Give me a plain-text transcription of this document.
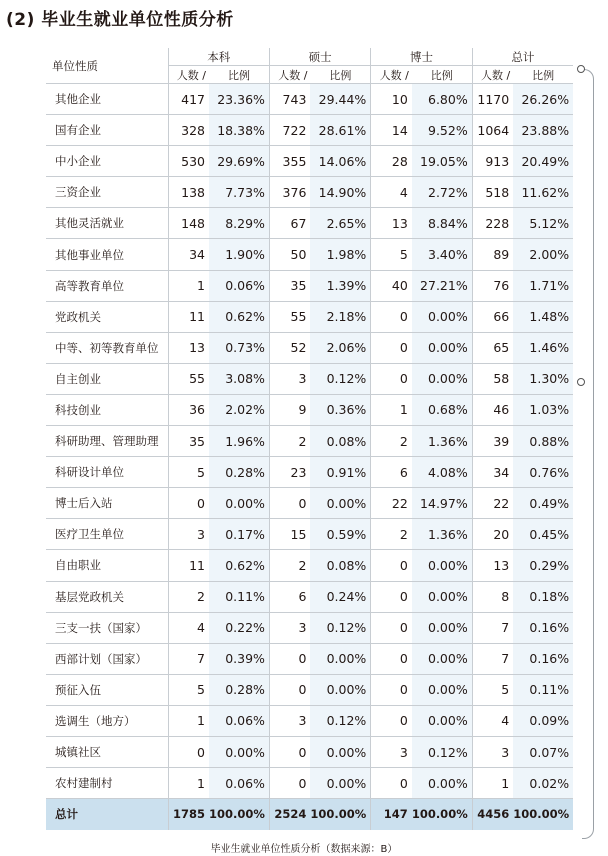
(2) 毕业生就业单位性质分析
单位性质	本科		硕士		博士		总计	
	人数 /	比例	人数 /	比例	人数 /	比例	人数 /	比例
其他企业	417	23.36%	743	29.44%	10	6.80%	1170	26.26%
国有企业	328	18.38%	722	28.61%	14	9.52%	1064	23.88%
中小企业	530	29.69%	355	14.06%	28	19.05%	913	20.49%
三资企业	138	7.73%	376	14.90%	4	2.72%	518	11.62%
其他灵活就业	148	8.29%	67	2.65%	13	8.84%	228	5.12%
其他事业单位	34	1.90%	50	1.98%	5	3.40%	89	2.00%
高等教育单位	1	0.06%	35	1.39%	40	27.21%	76	1.71%
党政机关	11	0.62%	55	2.18%	0	0.00%	66	1.48%
中等、初等教育单位	13	0.73%	52	2.06%	0	0.00%	65	1.46%
自主创业	55	3.08%	3	0.12%	0	0.00%	58	1.30%
科技创业	36	2.02%	9	0.36%	1	0.68%	46	1.03%
科研助理、管理助理	35	1.96%	2	0.08%	2	1.36%	39	0.88%
科研设计单位	5	0.28%	23	0.91%	6	4.08%	34	0.76%
博士后入站	0	0.00%	0	0.00%	22	14.97%	22	0.49%
医疗卫生单位	3	0.17%	15	0.59%	2	1.36%	20	0.45%
自由职业	11	0.62%	2	0.08%	0	0.00%	13	0.29%
基层党政机关	2	0.11%	6	0.24%	0	0.00%	8	0.18%
三支一扶（国家）	4	0.22%	3	0.12%	0	0.00%	7	0.16%
西部计划（国家）	7	0.39%	0	0.00%	0	0.00%	7	0.16%
预征入伍	5	0.28%	0	0.00%	0	0.00%	5	0.11%
选调生（地方）	1	0.06%	3	0.12%	0	0.00%	4	0.09%
城镇社区	0	0.00%	0	0.00%	3	0.12%	3	0.07%
农村建制村	1	0.06%	0	0.00%	0	0.00%	1	0.02%
总计	1785	100.00%	2524	100.00%	147	100.00%	4456	100.00%
毕业生就业单位性质分析（数据来源：B）
